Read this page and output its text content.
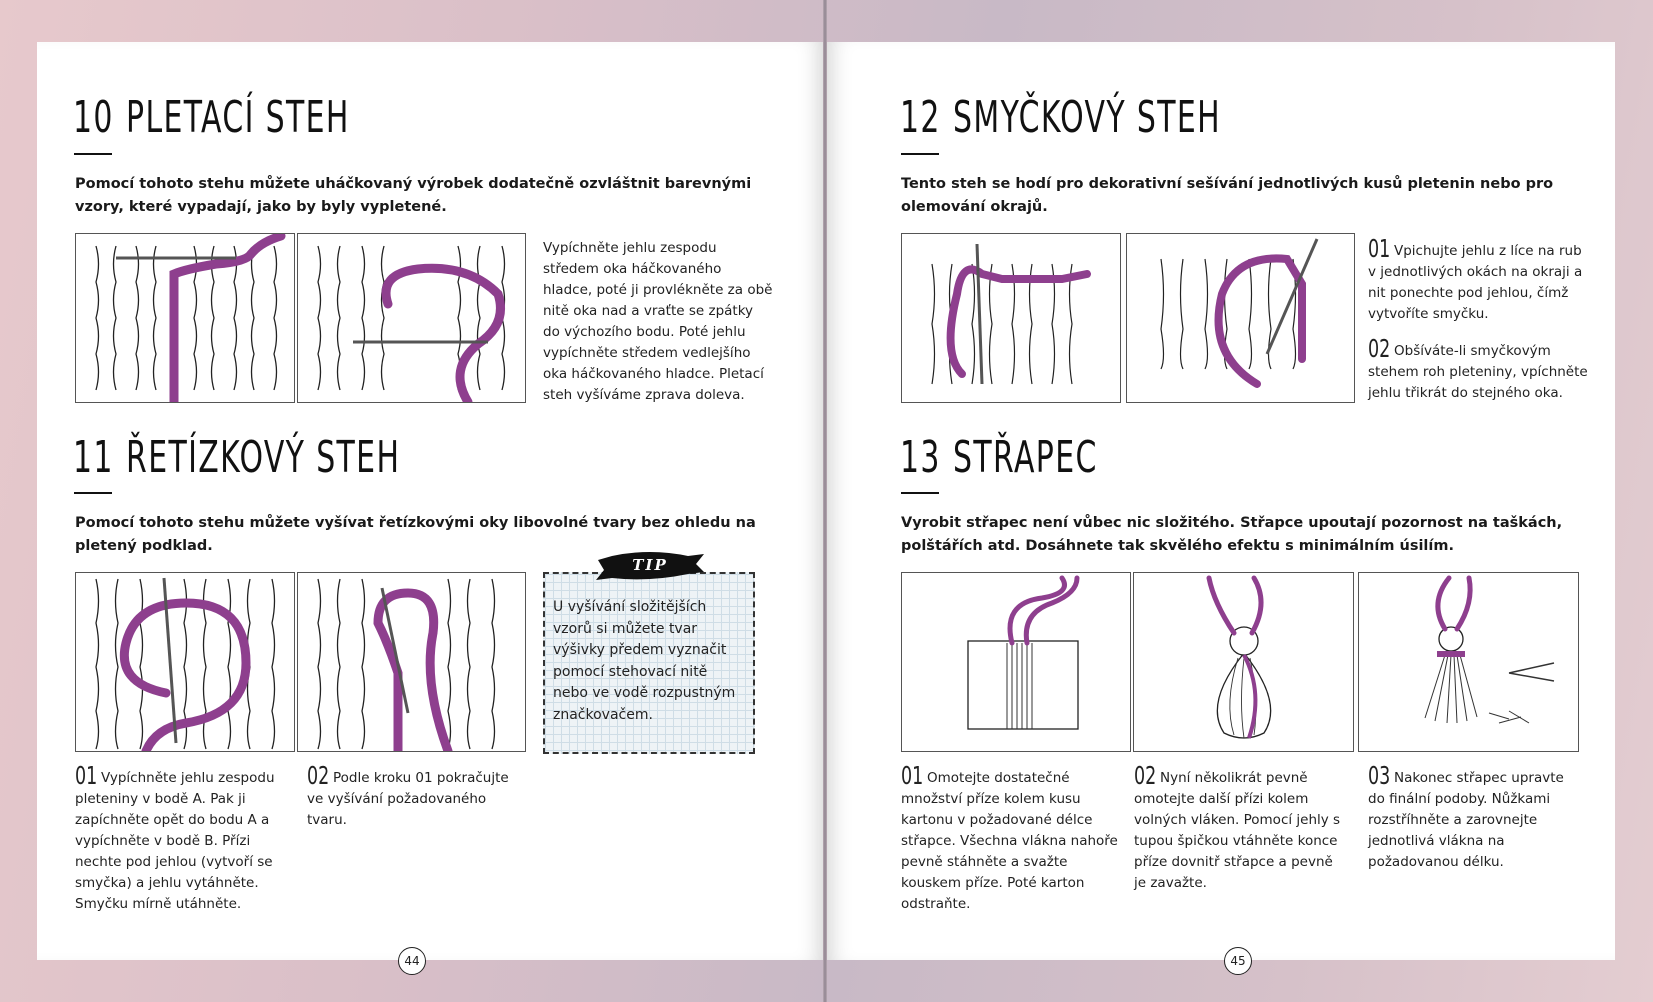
10 PLETACÍ STEH
Pomocí tohoto stehu můžete uháčkovaný výrobek dodatečně ozvláštnit barevnými vzory, které vypadají, jako by byly vypletené.
Vypíchněte jehlu zespodu středem oka háčkovaného hladce, poté ji provlékněte za obě nitě oka nad a vraťte se zpátky do výchozího bodu. Poté jehlu vypíchněte středem vedlejšího oka háčkovaného hladce. Pletací steh vyšíváme zprava doleva.
11 ŘETÍZKOVÝ STEH
Pomocí tohoto stehu můžete vyšívat řetízkovými oky libovolné tvary bez ohledu na pletený podklad.
TIP
U vyšívání složitějších vzorů si můžete tvar výšivky předem vyznačit pomocí stehovací nitě nebo ve vodě rozpustným značkovačem.
01 Vypíchněte jehlu zespodu pleteniny v bodě A. Pak ji zapíchněte opět do bodu A a vypíchněte v bodě B. Přízi nechte pod jehlou (vytvoří se smyčka) a jehlu vytáhněte. Smyčku mírně utáhněte.
02 Podle kroku 01 pokračujte ve vyšívání požadovaného tvaru.
44
12 SMYČKOVÝ STEH
Tento steh se hodí pro dekorativní sešívání jednotlivých kusů pletenin nebo pro olemování okrajů.
01 Vpichujte jehlu z líce na rub v jednotlivých okách na okraji a nit ponechte pod jehlou, čímž vytvoříte smyčku.
02 Obšíváte-li smyčkovým stehem roh pleteniny, vpíchněte jehlu třikrát do stejného oka.
13 STŘAPEC
Vyrobit střapec není vůbec nic složitého. Střapce upoutají pozornost na taškách, polštářích atd. Dosáhnete tak skvělého efektu s minimálním úsilím.
01 Omotejte dostatečné množství příze kolem kusu kartonu v požadované délce střapce. Všechna vlákna nahoře pevně stáhněte a svažte kouskem příze. Poté karton odstraňte.
02 Nyní několikrát pevně omotejte další přízi kolem volných vláken. Pomocí jehly s tupou špičkou vtáhněte konce příze dovnitř střapce a pevně je zavažte.
03 Nakonec střapec upravte do finální podoby. Nůžkami rozstříhněte a zarovnejte jednotlivá vlákna na požadovanou délku.
45
